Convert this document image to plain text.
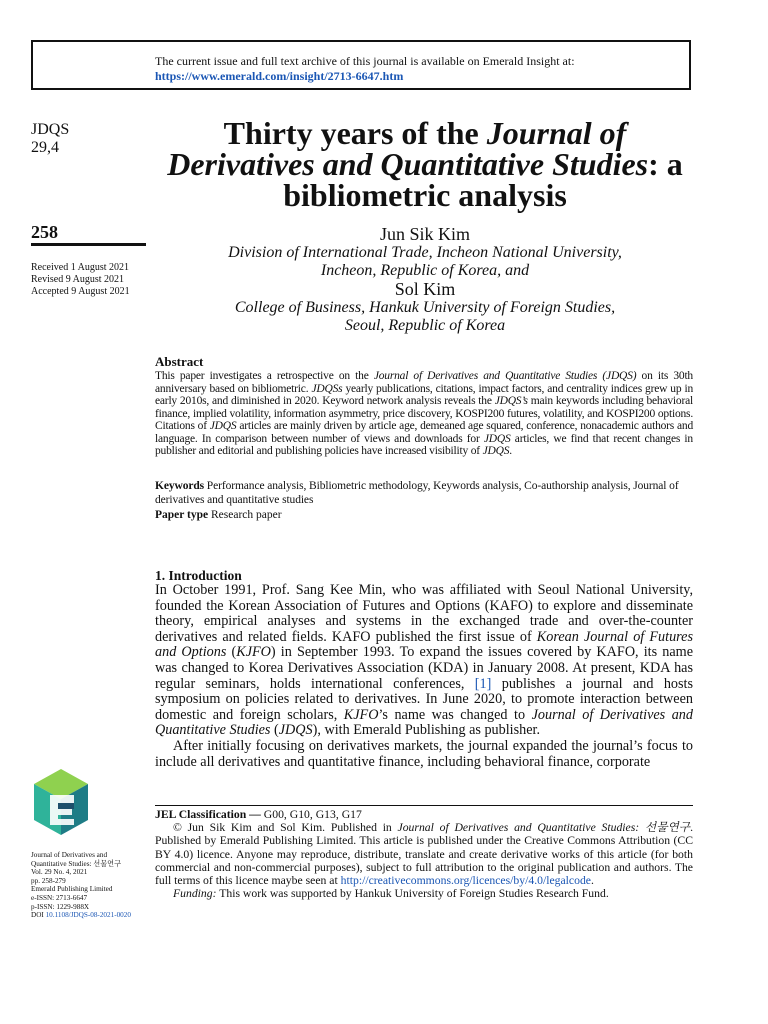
The current issue and full text archive of this journal is available on Emerald Insight at:
https://www.emerald.com/insight/2713-6647.htm
JDQS
29,4
258
Received 1 August 2021
Revised 9 August 2021
Accepted 9 August 2021
Thirty years of the Journal of Derivatives and Quantitative Studies: a bibliometric analysis
Jun Sik Kim
Division of International Trade, Incheon National University,
Incheon, Republic of Korea, and
Sol Kim
College of Business, Hankuk University of Foreign Studies,
Seoul, Republic of Korea
Abstract
This paper investigates a retrospective on the Journal of Derivatives and Quantitative Studies (JDQS) on its 30th anniversary based on bibliometric. JDQSs yearly publications, citations, impact factors, and centrality indices grew up in early 2010s, and diminished in 2020. Keyword network analysis reveals the JDQS’s main keywords including behavioral finance, implied volatility, information asymmetry, price discovery, KOSPI200 futures, volatility, and KOSPI200 options. Citations of JDQS articles are mainly driven by article age, demeaned age squared, conference, nonacademic authors and language. In comparison between number of views and downloads for JDQS articles, we find that recent changes in publisher and editorial and publishing policies have increased visibility of JDQS.
Keywords Performance analysis, Bibliometric methodology, Keywords analysis, Co-authorship analysis, Journal of derivatives and quantitative studies
Paper type Research paper
1. Introduction

In October 1991, Prof. Sang Kee Min, who was affiliated with Seoul National University, founded the Korean Association of Futures and Options (KAFO) to explore and disseminate theory, empirical analyses and systems in the exchanged trade and over-the-counter derivatives and related fields. KAFO published the first issue of Korean Journal of Futures and Options (KJFO) in September 1993. To expand the issues covered by KAFO, its name was changed to Korea Derivatives Association (KDA) in January 2008. At present, KDA has regular seminars, holds international conferences, [1] publishes a journal and hosts symposium on policies related to derivatives. In June 2020, to promote interaction between domestic and foreign scholars, KJFO’s name was changed to Journal of Derivatives and Quantitative Studies (JDQS), with Emerald Publishing as publisher.

After initially focusing on derivatives markets, the journal expanded the journal’s focus to include all derivatives and quantitative finance, including behavioral finance, corporate

JEL Classification — G00, G10, G13, G17

© Jun Sik Kim and Sol Kim. Published in Journal of Derivatives and Quantitative Studies: 선물연구. Published by Emerald Publishing Limited. This article is published under the Creative Commons Attribution (CC BY 4.0) licence. Anyone may reproduce, distribute, translate and create derivative works of this article (for both commercial and non-commercial purposes), subject to full attribution to the original publication and authors. The full terms of this licence maybe seen at http://creativecommons.org/licences/by/4.0/legalcode.

Funding: This work was supported by Hankuk University of Foreign Studies Research Fund.

Journal of Derivatives and
Quantitative Studies: 선물연구
Vol. 29 No. 4, 2021
pp. 258-279
Emerald Publishing Limited
e-ISSN: 2713-6647
p-ISSN: 1229-988X
DOI 10.1108/JDQS-08-2021-0020
